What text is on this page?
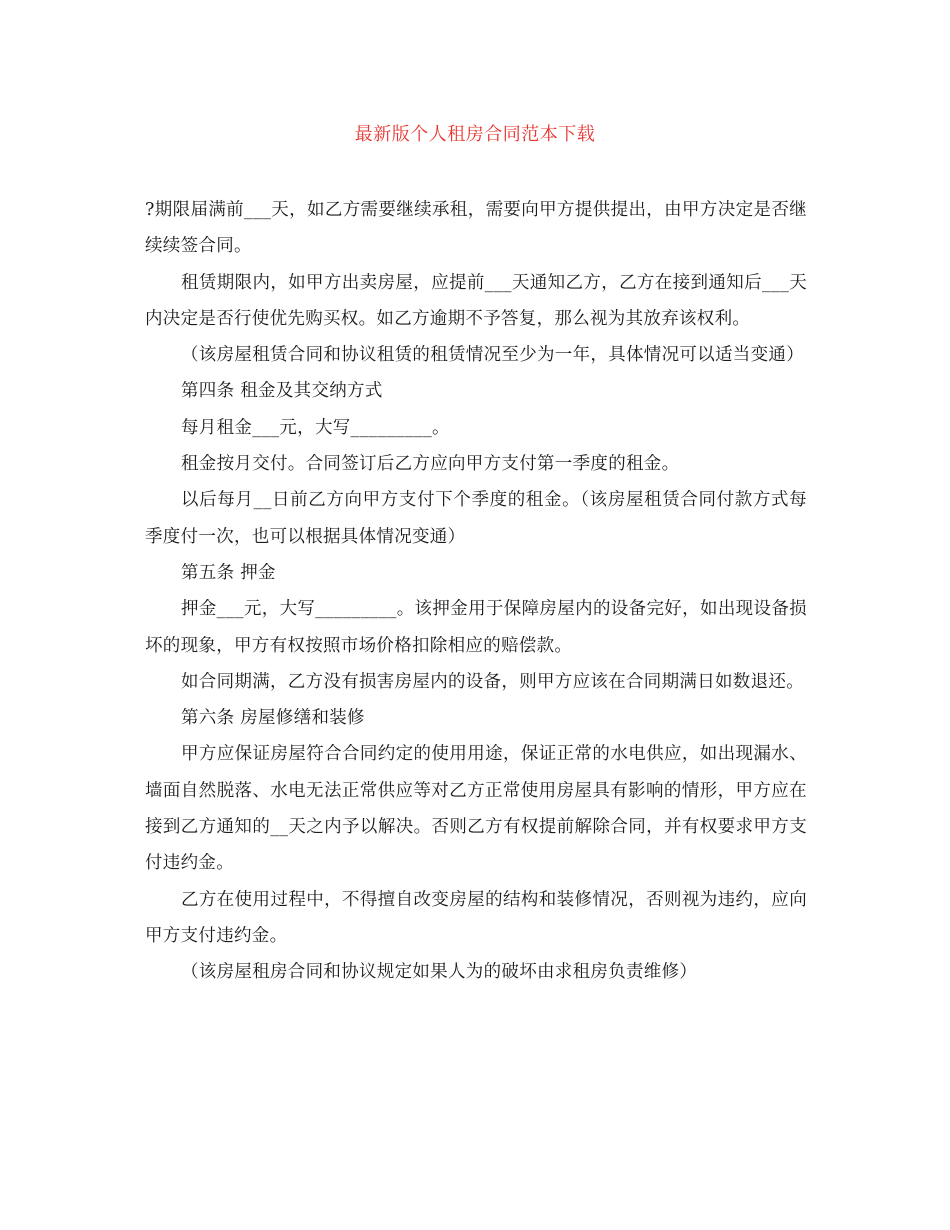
最新版个人租房合同范本下载

?期限届满前___天，如乙方需要继续承租，需要向甲方提供提出，由甲方决定是否继续续签合同。

租赁期限内，如甲方出卖房屋，应提前___天通知乙方，乙方在接到通知后___天内决定是否行使优先购买权。如乙方逾期不予答复，那么视为其放弃该权利。

（该房屋租赁合同和协议租赁的租赁情况至少为一年，具体情况可以适当变通）

第四条 租金及其交纳方式

每月租金___元，大写_________。

租金按月交付。合同签订后乙方应向甲方支付第一季度的租金。

以后每月__日前乙方向甲方支付下个季度的租金。（该房屋租赁合同付款方式每季度付一次，也可以根据具体情况变通）

第五条 押金

押金___元，大写_________。该押金用于保障房屋内的设备完好，如出现设备损坏的现象，甲方有权按照市场价格扣除相应的赔偿款。

如合同期满，乙方没有损害房屋内的设备，则甲方应该在合同期满日如数退还。

第六条 房屋修缮和装修

甲方应保证房屋符合合同约定的使用用途，保证正常的水电供应，如出现漏水、墙面自然脱落、水电无法正常供应等对乙方正常使用房屋具有影响的情形，甲方应在接到乙方通知的__天之内予以解决。否则乙方有权提前解除合同，并有权要求甲方支付违约金。

乙方在使用过程中，不得擅自改变房屋的结构和装修情况，否则视为违约，应向甲方支付违约金。

（该房屋租房合同和协议规定如果人为的破坏由求租房负责维修）
